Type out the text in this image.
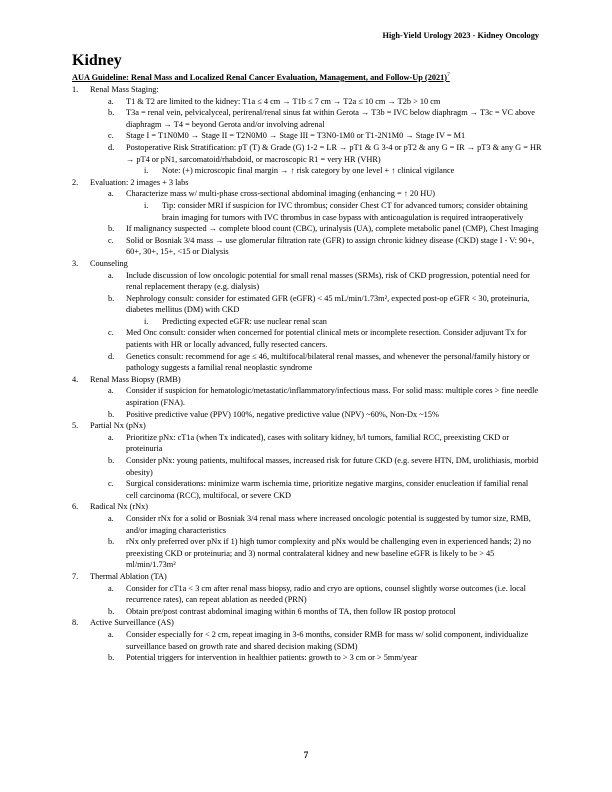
High-Yield Urology 2023 - Kidney Oncology
Kidney
AUA Guideline: Renal Mass and Localized Renal Cancer Evaluation, Management, and Follow-Up $(2021)^7$
1. Renal Mass Staging:
a. T1 & T2 are limited to the kidney: T1a ≤ 4 cm → T1b ≤ 7 cm → T2a ≤ 10 cm → T2b > 10 cm
b. T3a = renal vein, pelvicalyceal, perirenal/renal sinus fat within Gerota → T3b = IVC below diaphragm → T3c = VC above diaphragm → T4 = beyond Gerota and/or involving adrenal
c. Stage I = T1N0M0 → Stage II = T2N0M0 → Stage III = T3N0-1M0 or T1-2N1M0 → Stage IV = M1
d. Postoperative Risk Stratification: pT (T) & Grade (G) 1-2 = LR → pT1 & G 3-4 or pT2 & any G = IR → pT3 & any G = HR → pT4 or pN1, sarcomatoid/rhabdoid, or macroscopic R1 = very HR (VHR)
i. Note: (+) microscopic final margin → ↑ risk category by one level + ↑ clinical vigilance
2. Evaluation: 2 images + 3 labs
a. Characterize mass w/ multi-phase cross-sectional abdominal imaging (enhancing = ↑ 20 HU)
i. Tip: consider MRI if suspicion for IVC thrombus; consider Chest CT for advanced tumors; consider obtaining brain imaging for tumors with IVC thrombus in case bypass with anticoagulation is required intraoperatively
b. If malignancy suspected → complete blood count (CBC), urinalysis (UA), complete metabolic panel (CMP), Chest Imaging
c. Solid or Bosniak 3/4 mass → use glomerular filtration rate (GFR) to assign chronic kidney disease (CKD) stage I - V: 90+, 60+, 30+, 15+, <15 or Dialysis
3. Counseling
a. Include discussion of low oncologic potential for small renal masses (SRMs), risk of CKD progression, potential need for renal replacement therapy (e.g. dialysis)
b. Nephrology consult: consider for estimated GFR (eGFR) < 45 mL/min/1.73m², expected post-op eGFR < 30, proteinuria, diabetes mellitus (DM) with CKD
i. Predicting expected eGFR: use nuclear renal scan
c. Med Onc consult: consider when concerned for potential clinical mets or incomplete resection. Consider adjuvant Tx for patients with HR or locally advanced, fully resected cancers.
d. Genetics consult: recommend for age ≤ 46, multifocal/bilateral renal masses, and whenever the personal/family history or pathology suggests a familial renal neoplastic syndrome
4. Renal Mass Biopsy (RMB)
a. Consider if suspicion for hematologic/metastatic/inflammatory/infectious mass. For solid mass: multiple cores > fine needle aspiration (FNA).
b. Positive predictive value (PPV) 100%, negative predictive value (NPV) ~60%, Non-Dx ~15%
5. Partial Nx (pNx)
a. Prioritize pNx: cT1a (when Tx indicated), cases with solitary kidney, b/l tumors, familial RCC, preexisting CKD or proteinuria
b. Consider pNx: young patients, multifocal masses, increased risk for future CKD (e.g. severe HTN, DM, urolithiasis, morbid obesity)
c. Surgical considerations: minimize warm ischemia time, prioritize negative margins, consider enucleation if familial renal cell carcinoma (RCC), multifocal, or severe CKD
6. Radical Nx (rNx)
a. Consider rNx for a solid or Bosniak 3/4 renal mass where increased oncologic potential is suggested by tumor size, RMB, and/or imaging characteristics
b. rNx only preferred over pNx if 1) high tumor complexity and pNx would be challenging even in experienced hands; 2) no preexisting CKD or proteinuria; and 3) normal contralateral kidney and new baseline eGFR is likely to be > 45 ml/min/1.73m²
7. Thermal Ablation (TA)
a. Consider for cT1a < 3 cm after renal mass biopsy, radio and cryo are options, counsel slightly worse outcomes (i.e. local recurrence rates), can repeat ablation as needed (PRN)
b. Obtain pre/post contrast abdominal imaging within 6 months of TA, then follow IR postop protocol
8. Active Surveillance (AS)
a. Consider especially for < 2 cm, repeat imaging in 3-6 months, consider RMB for mass w/ solid component, individualize surveillance based on growth rate and shared decision making (SDM)
b. Potential triggers for intervention in healthier patients: growth to > 3 cm or > 5mm/year
7
